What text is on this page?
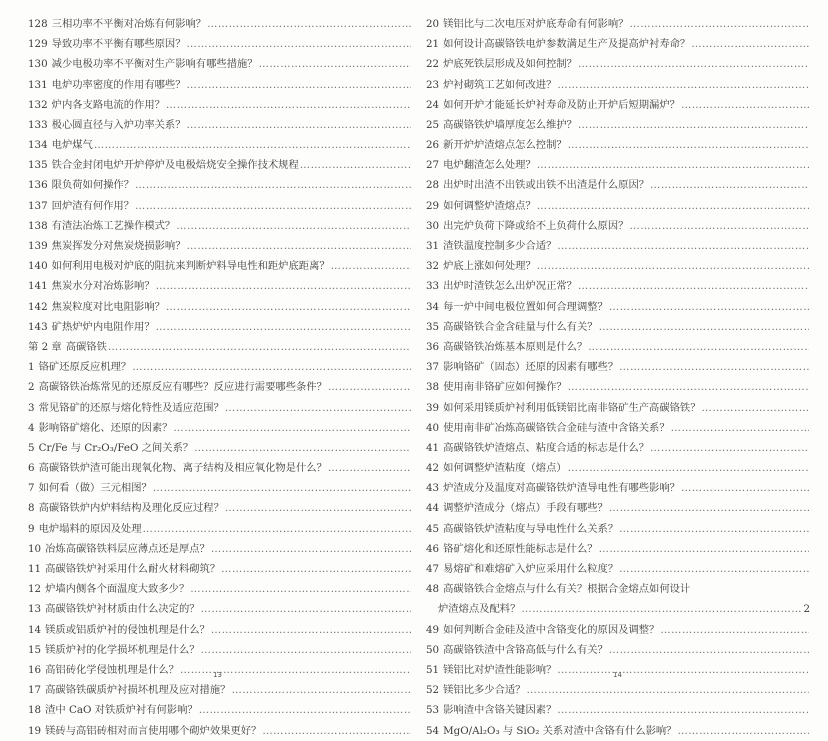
128 三相功率不平衡对冶炼有何影响？
……………………………………………………………………………………………………………………………………………………
129 导致功率不平衡有哪些原因？
……………………………………………………………………………………………………………………………………………………
130 减少电极功率不平衡对生产影响有哪些措施？
……………………………………………………………………………………………………………………………………………………
131 电炉功率密度的作用有哪些？
……………………………………………………………………………………………………………………………………………………
132 炉内各支路电流的作用？
……………………………………………………………………………………………………………………………………………………
133 极心圆直径与入炉功率关系？
……………………………………………………………………………………………………………………………………………………
134 电炉煤气
……………………………………………………………………………………………………………………………………………………
135 铁合金封闭电炉开炉停炉及电极焙烧安全操作技术规程
……………………………………………………………………………………………………………………………………………………
136 限负荷如何操作？
……………………………………………………………………………………………………………………………………………………
137 回炉渣有何作用？
……………………………………………………………………………………………………………………………………………………
138 有渣法冶炼工艺操作模式？
……………………………………………………………………………………………………………………………………………………
139 焦炭挥发分对焦炭烧损影响？
……………………………………………………………………………………………………………………………………………………
140 如何利用电极对炉底的阻抗来判断炉料导电性和距炉底距离？
……………………………………………………………………………………………………………………………………………………
141 焦炭水分对冶炼影响？
……………………………………………………………………………………………………………………………………………………
142 焦炭粒度对比电阻影响？
……………………………………………………………………………………………………………………………………………………
143 矿热炉炉内电阻作用？
……………………………………………………………………………………………………………………………………………………
第 2 章 高碳铬铁
……………………………………………………………………………………………………………………………………………………
1 铬矿还原反应机理？
……………………………………………………………………………………………………………………………………………………
2 高碳铬铁冶炼常见的还原反应有哪些？反应进行需要哪些条件？
……………………………………………………………………………………………………………………………………………………
3 常见铬矿的还原与熔化特性及适应范围？
……………………………………………………………………………………………………………………………………………………
4 影响铬矿熔化、还原的因素？
……………………………………………………………………………………………………………………………………………………
5 Cr/Fe 与 Cr₂O₃/FeO 之间关系？
……………………………………………………………………………………………………………………………………………………
6 高碳铬铁炉渣可能出现氧化物、离子结构及相应氧化物是什么？
……………………………………………………………………………………………………………………………………………………
7 如何看（做）三元相图？
……………………………………………………………………………………………………………………………………………………
8 高碳铬铁炉内炉料结构及理化反应过程？
……………………………………………………………………………………………………………………………………………………
9 电炉塌料的原因及处理
……………………………………………………………………………………………………………………………………………………
10 冶炼高碳铬铁料层应薄点还是厚点？
……………………………………………………………………………………………………………………………………………………
11 高碳铬铁炉衬采用什么耐火材料砌筑？
……………………………………………………………………………………………………………………………………………………
12 炉墙内侧各个面温度大致多少？
……………………………………………………………………………………………………………………………………………………
13 高碳铬铁炉衬材质由什么决定的？
……………………………………………………………………………………………………………………………………………………
14 镁质或铝质炉衬的侵蚀机理是什么？
……………………………………………………………………………………………………………………………………………………
15 镁质炉衬的化学损坏机理是什么？
……………………………………………………………………………………………………………………………………………………
16 高铝砖化学侵蚀机理是什么？
……………………………………………………………………………………………………………………………………………………
17 高碳铬铁碳质炉衬损坏机理及应对措施？
……………………………………………………………………………………………………………………………………………………
18 渣中 CaO 对铁质炉衬有何影响？
……………………………………………………………………………………………………………………………………………………
19 镁砖与高铝砖相对而言使用哪个砌炉效果更好？
……………………………………………………………………………………………………………………………………………………
20 镁铝比与二次电压对炉底寿命有何影响？
……………………………………………………………………………………………………………………………………………………
21 如何设计高碳铬铁电炉参数满足生产及提高炉衬寿命？
……………………………………………………………………………………………………………………………………………………
22 炉底死铁层形成及如何控制？
……………………………………………………………………………………………………………………………………………………
23 炉衬砌筑工艺如何改进？
……………………………………………………………………………………………………………………………………………………
24 如何开炉才能延长炉衬寿命及防止开炉后短期漏炉？
……………………………………………………………………………………………………………………………………………………
25 高碳铬铁炉墙厚度怎么维护？
……………………………………………………………………………………………………………………………………………………
26 新开炉炉渣熔点怎么控制？
……………………………………………………………………………………………………………………………………………………
27 电炉翻渣怎么处理？
……………………………………………………………………………………………………………………………………………………
28 出炉时出渣不出铁或出铁不出渣是什么原因？
……………………………………………………………………………………………………………………………………………………
29 如何调整炉渣熔点？
……………………………………………………………………………………………………………………………………………………
30 出完炉负荷下降或给不上负荷什么原因？
……………………………………………………………………………………………………………………………………………………
31 渣铁温度控制多少合适？
……………………………………………………………………………………………………………………………………………………
32 炉底上涨如何处理？
……………………………………………………………………………………………………………………………………………………
33 出炉时渣铁怎么出炉况正常？
……………………………………………………………………………………………………………………………………………………
34 每一炉中间电极位置如何合理调整？
……………………………………………………………………………………………………………………………………………………
35 高碳铬铁合金含硅量与什么有关？
……………………………………………………………………………………………………………………………………………………
36 高碳铬铁冶炼基本原则是什么？
……………………………………………………………………………………………………………………………………………………
37 影响铬矿（固态）还原的因素有哪些？
……………………………………………………………………………………………………………………………………………………
38 使用南非铬矿应如何操作？
……………………………………………………………………………………………………………………………………………………
39 如何采用镁质炉衬利用低镁铝比南非铬矿生产高碳铬铁？
……………………………………………………………………………………………………………………………………………………
40 使用南非矿冶炼高碳铬铁合金硅与渣中含铬关系？
……………………………………………………………………………………………………………………………………………………
41 高碳铬铁炉渣熔点、粘度合适的标志是什么？
……………………………………………………………………………………………………………………………………………………
42 如何调整炉渣粘度（熔点）
……………………………………………………………………………………………………………………………………………………
43 炉渣成分及温度对高碳铬铁炉渣导电性有哪些影响？
……………………………………………………………………………………………………………………………………………………
44 调整炉渣成分（熔点）手段有哪些？
……………………………………………………………………………………………………………………………………………………
45 高碳铬铁炉渣粘度与导电性什么关系？
……………………………………………………………………………………………………………………………………………………
46 铬矿熔化和还原性能标志是什么？
……………………………………………………………………………………………………………………………………………………
47 易熔矿和难熔矿入炉应采用什么粒度？
……………………………………………………………………………………………………………………………………………………
48 高碳铬铁合金熔点与什么有关？根据合金熔点如何设计
炉渣熔点及配料？
……………………………………………………………………………………………………………………………………………………	2
49 如何判断合金硅及渣中含铬变化的原因及调整？
……………………………………………………………………………………………………………………………………………………
50 高碳铬铁渣中含铬高低与什么有关？
……………………………………………………………………………………………………………………………………………………
51 镁铝比对炉渣性能影响？
……………………………………………………………………………………………………………………………………………………
52 镁铝比多少合适？
……………………………………………………………………………………………………………………………………………………
53 影响渣中含铬关键因素？
……………………………………………………………………………………………………………………………………………………
54 MgO/Al₂O₃ 与 SiO₂ 关系对渣中含铬有什么影响？
……………………………………………………………………………………………………………………………………………………
13	14
